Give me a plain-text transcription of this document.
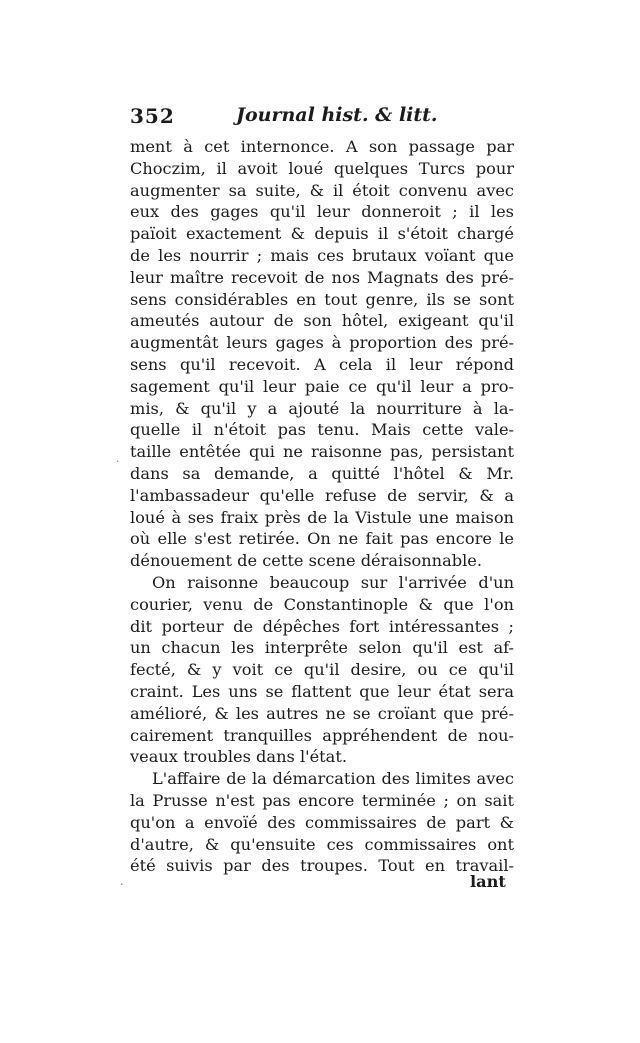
352	Journal hist. & litt.
ment à cet internonce. A son passage par
Choczim, il avoit loué quelques Turcs pour
augmenter sa suite, & il étoit convenu avec
eux des gages qu'il leur donneroit ; il les
païoit exactement & depuis il s'étoit chargé
de les nourrir ; mais ces brutaux voïant que
leur maître recevoit de nos Magnats des pré-
sens considérables en tout genre, ils se sont
ameutés autour de son hôtel, exigeant qu'il
augmentât leurs gages à proportion des pré-
sens qu'il recevoit. A cela il leur répond
sagement qu'il leur paie ce qu'il leur a pro-
mis, & qu'il y a ajouté la nourriture à la-
quelle il n'étoit pas tenu. Mais cette vale-
taille entêtée qui ne raisonne pas, persistant
dans sa demande, a quitté l'hôtel & Mr.
l'ambassadeur qu'elle refuse de servir, & a
loué à ses fraix près de la Vistule une maison
où elle s'est retirée. On ne fait pas encore le
dénouement de cette scene déraisonnable.
On raisonne beaucoup sur l'arrivée d'un
courier, venu de Constantinople & que l'on
dit porteur de dépêches fort intéressantes ;
un chacun les interprête selon qu'il est af-
fecté, & y voit ce qu'il desire, ou ce qu'il
craint. Les uns se flattent que leur état sera
amélioré, & les autres ne se croïant que pré-
cairement tranquilles appréhendent de nou-
veaux troubles dans l'état.
L'affaire de la démarcation des limites avec
la Prusse n'est pas encore terminée ; on sait
qu'on a envoïé des commissaires de part &
d'autre, & qu'ensuite ces commissaires ont
été suivis par des troupes. Tout en travail-
lant
·
·
